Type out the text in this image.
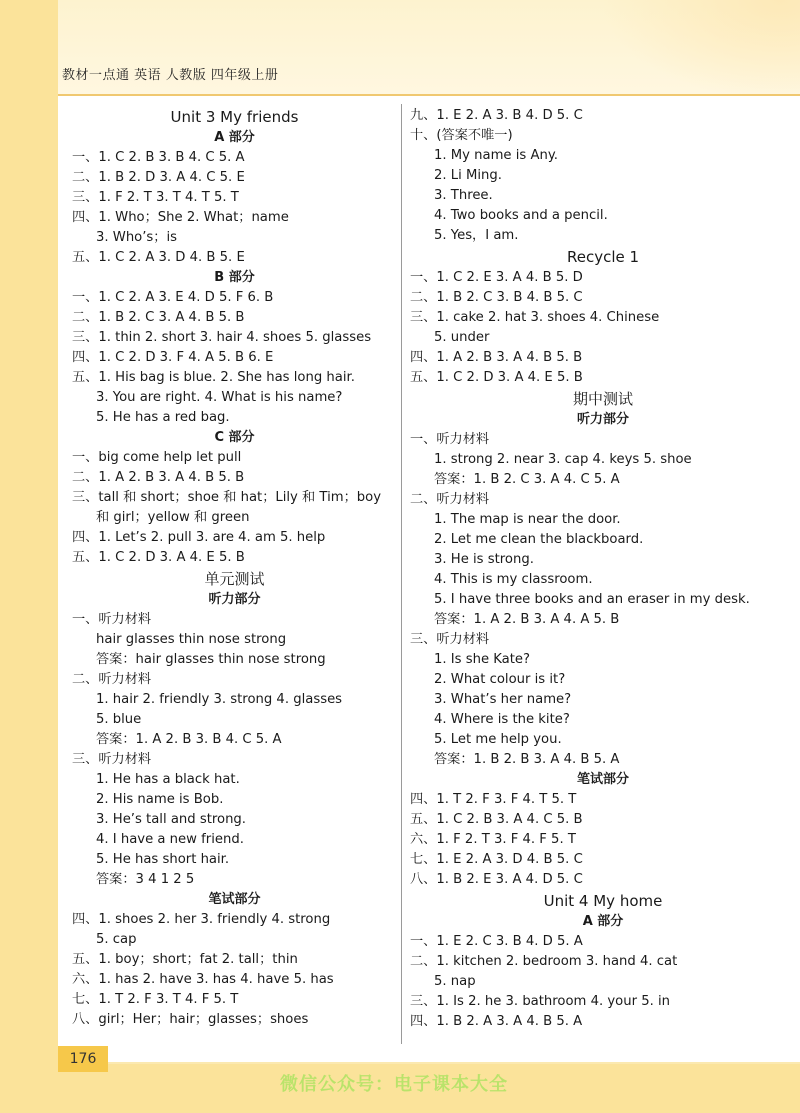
教材一点通 英语 人教版 四年级上册
Unit 3 My friends
A 部分
一、1. C 2. B 3. B 4. C 5. A
二、1. B 2. D 3. A 4. C 5. E
三、1. F 2. T 3. T 4. T 5. T
四、1. Who；She 2. What；name
3. Who’s；is
五、1. C 2. A 3. D 4. B 5. E
B 部分
一、1. C 2. A 3. E 4. D 5. F 6. B
二、1. B 2. C 3. A 4. B 5. B
三、1. thin 2. short 3. hair 4. shoes 5. glasses
四、1. C 2. D 3. F 4. A 5. B 6. E
五、1. His bag is blue. 2. She has long hair.
3. You are right. 4. What is his name?
5. He has a red bag.
C 部分
一、big come help let pull
二、1. A 2. B 3. A 4. B 5. B
三、tall 和 short；shoe 和 hat；Lily 和 Tim；boy
和 girl；yellow 和 green
四、1. Let’s 2. pull 3. are 4. am 5. help
五、1. C 2. D 3. A 4. E 5. B
单元测试
听力部分
一、听力材料
hair glasses thin nose strong
答案：hair glasses thin nose strong
二、听力材料
1. hair 2. friendly 3. strong 4. glasses
5. blue
答案：1. A 2. B 3. B 4. C 5. A
三、听力材料
1. He has a black hat.
2. His name is Bob.
3. He’s tall and strong.
4. I have a new friend.
5. He has short hair.
答案：3 4 1 2 5
笔试部分
四、1. shoes 2. her 3. friendly 4. strong
5. cap
五、1. boy；short；fat 2. tall；thin
六、1. has 2. have 3. has 4. have 5. has
七、1. T 2. F 3. T 4. F 5. T
八、girl；Her；hair；glasses；shoes
九、1. E 2. A 3. B 4. D 5. C
十、(答案不唯一)
1. My name is Any.
2. Li Ming.
3. Three.
4. Two books and a pencil.
5. Yes，I am.
Recycle 1
一、1. C 2. E 3. A 4. B 5. D
二、1. B 2. C 3. B 4. B 5. C
三、1. cake 2. hat 3. shoes 4. Chinese
5. under
四、1. A 2. B 3. A 4. B 5. B
五、1. C 2. D 3. A 4. E 5. B
期中测试
听力部分
一、听力材料
1. strong 2. near 3. cap 4. keys 5. shoe
答案：1. B 2. C 3. A 4. C 5. A
二、听力材料
1. The map is near the door.
2. Let me clean the blackboard.
3. He is strong.
4. This is my classroom.
5. I have three books and an eraser in my desk.
答案：1. A 2. B 3. A 4. A 5. B
三、听力材料
1. Is she Kate?
2. What colour is it?
3. What’s her name?
4. Where is the kite?
5. Let me help you.
答案：1. B 2. B 3. A 4. B 5. A
笔试部分
四、1. T 2. F 3. F 4. T 5. T
五、1. C 2. B 3. A 4. C 5. B
六、1. F 2. T 3. F 4. F 5. T
七、1. E 2. A 3. D 4. B 5. C
八、1. B 2. E 3. A 4. D 5. C
Unit 4 My home
A 部分
一、1. E 2. C 3. B 4. D 5. A
二、1. kitchen 2. bedroom 3. hand 4. cat
5. nap
三、1. Is 2. he 3. bathroom 4. your 5. in
四、1. B 2. A 3. A 4. B 5. A
176
微信公众号：电子课本大全
